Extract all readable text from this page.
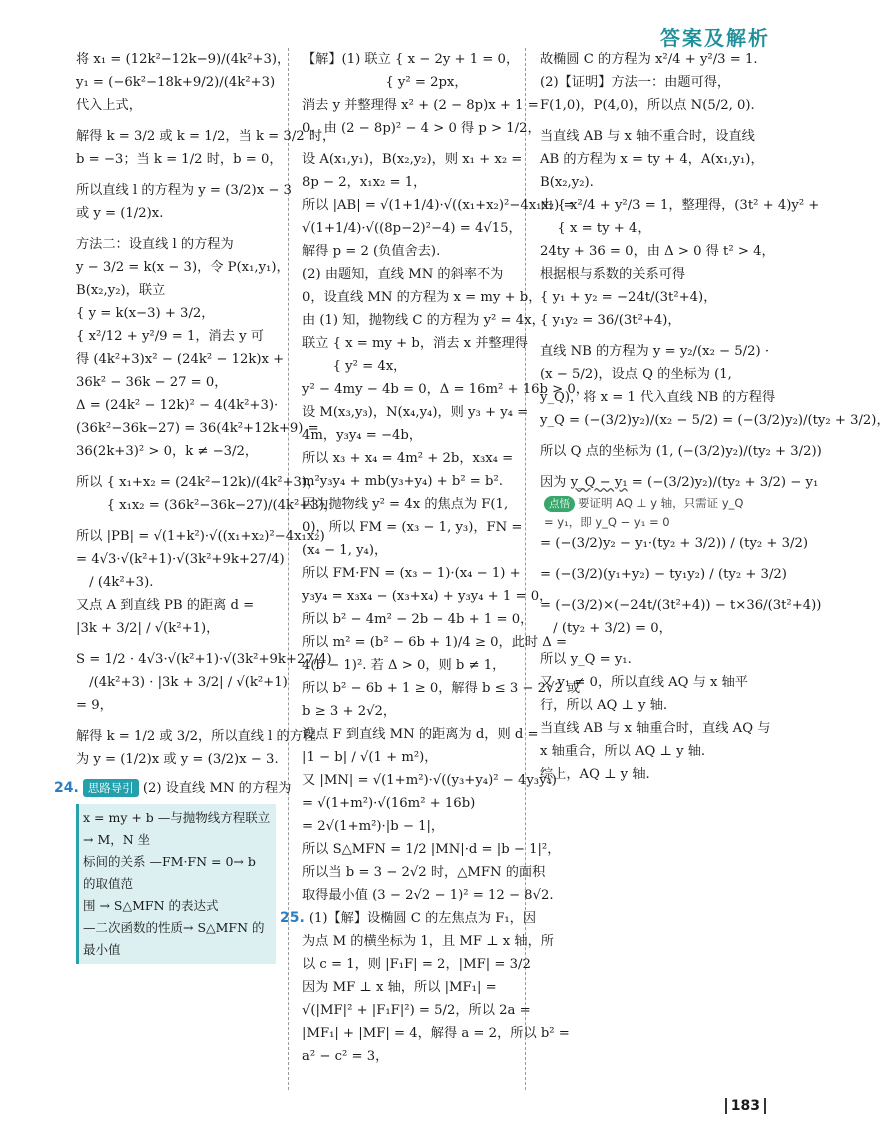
答案及解析
将 x₁ = (12k²−12k−9)/(4k²+3)，
y₁ = (−6k²−18k+9/2)/(4k²+3)
代入上式，
解得 k = 3/2 或 k = 1/2，当 k = 3/2 时，
b = −3；当 k = 1/2 时，b = 0，
所以直线 l 的方程为 y = (3/2)x − 3
或 y = (1/2)x.
方法二：设直线 l 的方程为
y − 3/2 = k(x − 3)，令 P(x₁,y₁)，
B(x₂,y₂)，联立
{ y = k(x−3) + 3/2，
{ x²/12 + y²/9 = 1，消去 y 可
得 (4k²+3)x² − (24k² − 12k)x +
36k² − 36k − 27 = 0，
Δ = (24k² − 12k)² − 4(4k²+3)·
(36k²−36k−27) = 36(4k²+12k+9) =
36(2k+3)² > 0，k ≠ −3/2，
所以 { x₁+x₂ = (24k²−12k)/(4k²+3)，
　　 { x₁x₂ = (36k²−36k−27)/(4k²+3)，
所以 |PB| = √(1+k²)·√((x₁+x₂)²−4x₁x₂)
= 4√3·√(k²+1)·√(3k²+9k+27/4)
　/ (4k²+3).
又点 A 到直线 PB 的距离 d =
|3k + 3/2| / √(k²+1)，
S = 1/2 · 4√3·√(k²+1)·√(3k²+9k+27/4)
　/(4k²+3) · |3k + 3/2| / √(k²+1)
= 9，
解得 k = 1/2 或 3/2，所以直线 l 的方程
为 y = (1/2)x 或 y = (3/2)x − 3.
24. 思路导引 (2) 设直线 MN 的方程为
x = my + b —与抛物线方程联立→ M，N 坐
标间的关系 —FM·FN = 0→ b 的取值范
围 → S△MFN 的表达式
—二次函数的性质→ S△MFN 的最小值
【解】(1) 联立 { x − 2y + 1 = 0，
　　　　　　 { y² = 2px，
消去 y 并整理得 x² + (2 − 8p)x + 1 =
0，由 (2 − 8p)² − 4 > 0 得 p > 1/2，
设 A(x₁,y₁)，B(x₂,y₂)，则 x₁ + x₂ =
8p − 2，x₁x₂ = 1，
所以 |AB| = √(1+1/4)·√((x₁+x₂)²−4x₁x₂) =
√(1+1/4)·√((8p−2)²−4) = 4√15，
解得 p = 2 (负值舍去).
(2) 由题知，直线 MN 的斜率不为
0，设直线 MN 的方程为 x = my + b，
由 (1) 知，抛物线 C 的方程为 y² = 4x，
联立 { x = my + b，消去 x 并整理得
　　 { y² = 4x，
y² − 4my − 4b = 0，Δ = 16m² + 16b > 0，
设 M(x₃,y₃)，N(x₄,y₄)，则 y₃ + y₄ =
4m，y₃y₄ = −4b，
所以 x₃ + x₄ = 4m² + 2b，x₃x₄ =
m²y₃y₄ + mb(y₃+y₄) + b² = b².
因为抛物线 y² = 4x 的焦点为 F(1,
0)，所以 FM = (x₃ − 1, y₃)，FN =
(x₄ − 1, y₄)，
所以 FM·FN = (x₃ − 1)·(x₄ − 1) +
y₃y₄ = x₃x₄ − (x₃+x₄) + y₃y₄ + 1 = 0，
所以 b² − 4m² − 2b − 4b + 1 = 0，
所以 m² = (b² − 6b + 1)/4 ≥ 0，此时 Δ =
4(b − 1)². 若 Δ > 0，则 b ≠ 1，
所以 b² − 6b + 1 ≥ 0，解得 b ≤ 3 − 2√2 或
b ≥ 3 + 2√2，
设点 F 到直线 MN 的距离为 d，则 d =
|1 − b| / √(1 + m²)，
又 |MN| = √(1+m²)·√((y₃+y₄)² − 4y₃y₄)
= √(1+m²)·√(16m² + 16b)
= 2√(1+m²)·|b − 1|，
所以 S△MFN = 1/2 |MN|·d = |b − 1|²，
所以当 b = 3 − 2√2 时，△MFN 的面积
取得最小值 (3 − 2√2 − 1)² = 12 − 8√2.
25. (1)【解】设椭圆 C 的左焦点为 F₁，因
为点 M 的横坐标为 1，且 MF ⊥ x 轴，所
以 c = 1，则 |F₁F| = 2，|MF| = 3/2
因为 MF ⊥ x 轴，所以 |MF₁| =
√(|MF|² + |F₁F|²) = 5/2，所以 2a =
|MF₁| + |MF| = 4，解得 a = 2，所以 b² =
a² − c² = 3，
故椭圆 C 的方程为 x²/4 + y²/3 = 1.
(2)【证明】方法一：由题可得，
F(1,0)，P(4,0)，所以点 N(5/2, 0).
当直线 AB 与 x 轴不重合时，设直线
AB 的方程为 x = ty + 4，A(x₁,y₁)，
B(x₂,y₂).
由 { x²/4 + y²/3 = 1，整理得，(3t² + 4)y² +
　 { x = ty + 4，
24ty + 36 = 0，由 Δ > 0 得 t² > 4，
根据根与系数的关系可得
{ y₁ + y₂ = −24t/(3t²+4)，
{ y₁y₂ = 36/(3t²+4)，
直线 NB 的方程为 y = y₂/(x₂ − 5/2) ·
(x − 5/2)，设点 Q 的坐标为 (1,
y_Q)，将 x = 1 代入直线 NB 的方程得
y_Q = (−(3/2)y₂)/(x₂ − 5/2) = (−(3/2)y₂)/(ty₂ + 3/2)，
所以 Q 点的坐标为 (1, (−(3/2)y₂)/(ty₂ + 3/2))
因为 y_Q − y₁ = (−(3/2)y₂)/(ty₂ + 3/2) − y₁
点悟 要证明 AQ ⊥ y 轴，只需证 y_Q = y₁，即 y_Q − y₁ = 0
= (−(3/2)y₂ − y₁·(ty₂ + 3/2)) / (ty₂ + 3/2)
= (−(3/2)(y₁+y₂) − ty₁y₂) / (ty₂ + 3/2)
= (−(3/2)×(−24t/(3t²+4)) − t×36/(3t²+4))
　/ (ty₂ + 3/2) = 0，
所以 y_Q = y₁.
又 y₁ ≠ 0，所以直线 AQ 与 x 轴平
行，所以 AQ ⊥ y 轴.
当直线 AB 与 x 轴重合时，直线 AQ 与
x 轴重合，所以 AQ ⊥ y 轴.
综上，AQ ⊥ y 轴.
183
